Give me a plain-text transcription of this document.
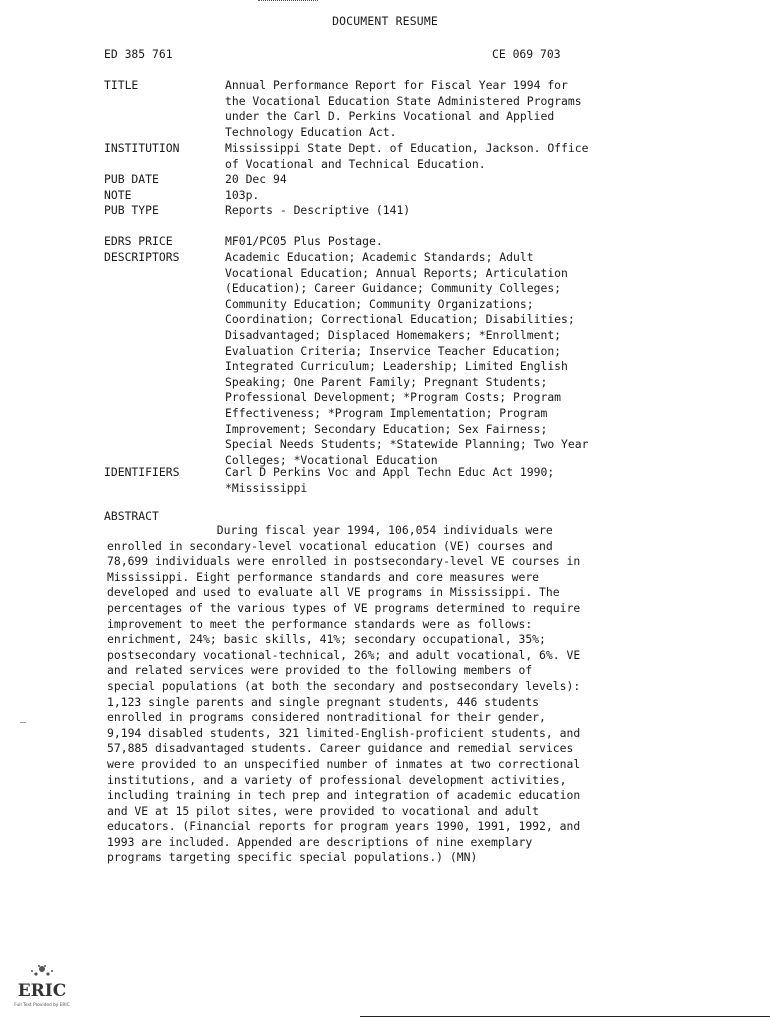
DOCUMENT RESUME
ED 385 761	CE 069 703
TITLE	Annual Performance Report for Fiscal Year 1994 for
the Vocational Education State Administered Programs
under the Carl D. Perkins Vocational and Applied
Technology Education Act.
INSTITUTION	Mississippi State Dept. of Education, Jackson. Office
of Vocational and Technical Education.
PUB DATE	20 Dec 94
NOTE	103p.
PUB TYPE	Reports - Descriptive (141)
EDRS PRICE	MF01/PC05 Plus Postage.
DESCRIPTORS	Academic Education; Academic Standards; Adult
Vocational Education; Annual Reports; Articulation
(Education); Career Guidance; Community Colleges;
Community Education; Community Organizations;
Coordination; Correctional Education; Disabilities;
Disadvantaged; Displaced Homemakers; *Enrollment;
Evaluation Criteria; Inservice Teacher Education;
Integrated Curriculum; Leadership; Limited English
Speaking; One Parent Family; Pregnant Students;
Professional Development; *Program Costs; Program
Effectiveness; *Program Implementation; Program
Improvement; Secondary Education; Sex Fairness;
Special Needs Students; *Statewide Planning; Two Year
Colleges; *Vocational Education
IDENTIFIERS	Carl D Perkins Voc and Appl Techn Educ Act 1990;
*Mississippi
ABSTRACT
During fiscal year 1994, 106,054 individuals were
enrolled in secondary-level vocational education (VE) courses and
78,699 individuals were enrolled in postsecondary-level VE courses in
Mississippi. Eight performance standards and core measures were
developed and used to evaluate all VE programs in Mississippi. The
percentages of the various types of VE programs determined to require
improvement to meet the performance standards were as follows:
enrichment, 24%; basic skills, 41%; secondary occupational, 35%;
postsecondary vocational-technical, 26%; and adult vocational, 6%. VE
and related services were provided to the following members of
special populations (at both the secondary and postsecondary levels):
1,123 single parents and single pregnant students, 446 students
enrolled in programs considered nontraditional for their gender,
9,194 disabled students, 321 limited-English-proficient students, and
57,885 disadvantaged students. Career guidance and remedial services
were provided to an unspecified number of inmates at two correctional
institutions, and a variety of professional development activities,
including training in tech prep and integration of academic education
and VE at 15 pilot sites, were provided to vocational and adult
educators. (Financial reports for program years 1990, 1991, 1992, and
1993 are included. Appended are descriptions of nine exemplary
programs targeting specific special populations.) (MN)
ERIC
Full Text Provided by ERIC
